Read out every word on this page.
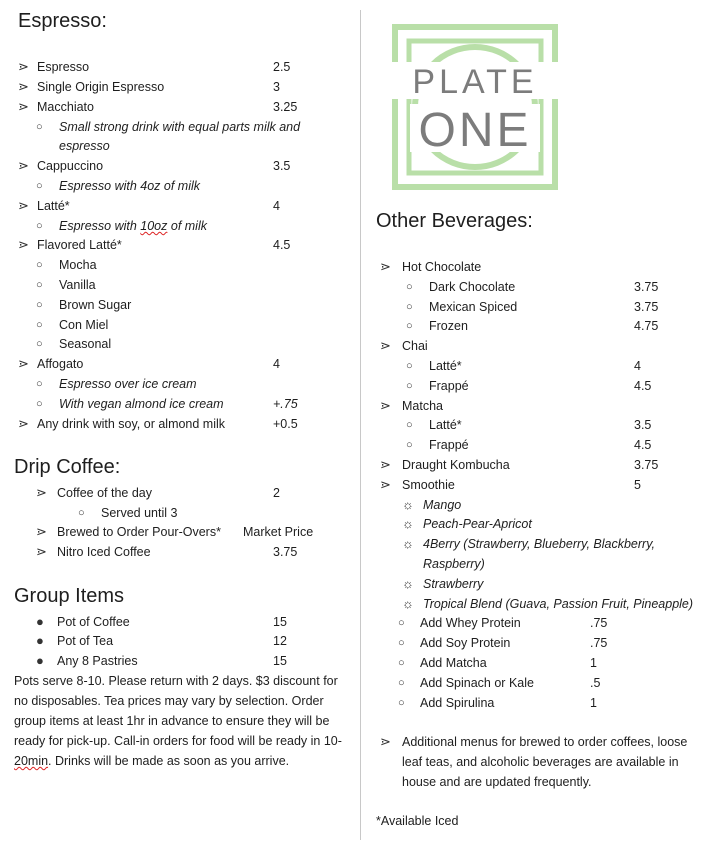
Espresso:
⋗ Espresso	2.5
⋗ Single Origin Espresso	3
⋗ Macchiato	3.25
○ Small strong drink with equal parts milk and
espresso
⋗ Cappuccino	3.5
○ Espresso with 4oz of milk
⋗ Latté*	4
○ Espresso with 10oz of milk
⋗ Flavored Latté*	4.5
○ Mocha
○ Vanilla
○ Brown Sugar
○ Con Miel
○ Seasonal
⋗ Affogato	4
○ Espresso over ice cream
○ With vegan almond ice cream	+.75
⋗ Any drink with soy, or almond milk	+0.5
Drip Coffee:
⋗ Coffee of the day	2
○ Served until 3
⋗ Brewed to Order Pour-Overs* Market Price
⋗ Nitro Iced Coffee	3.75
Group Items
● Pot of Coffee	15
● Pot of Tea	12
● Any 8 Pastries	15
Pots serve 8-10. Please return with 2 days. $3 discount for no disposables. Tea prices may vary by selection. Order group items at least 1hr in advance to ensure they will be ready for pick-up. Call-in orders for food will be ready in 10-20min. Drinks will be made as soon as you arrive.
PLATE
ONE
Other Beverages:
⋗ Hot Chocolate
○ Dark Chocolate	3.75
○ Mexican Spiced	3.75
○ Frozen	4.75
⋗ Chai
○ Latté*	4
○ Frappé	4.5
⋗ Matcha
○ Latté*	3.5
○ Frappé	4.5
⋗ Draught Kombucha	3.75
⋗ Smoothie	5
☼ Mango
☼ Peach-Pear-Apricot
☼ 4Berry (Strawberry, Blueberry, Blackberry,
Raspberry)
☼ Strawberry
☼ Tropical Blend (Guava, Passion Fruit, Pineapple)
○ Add Whey Protein	.75
○ Add Soy Protein	.75
○ Add Matcha	1
○ Add Spinach or Kale	.5
○ Add Spirulina	1
⋗ Additional menus for brewed to order coffees, loose leaf teas, and alcoholic beverages are available in house and are updated frequently.
*Available Iced
